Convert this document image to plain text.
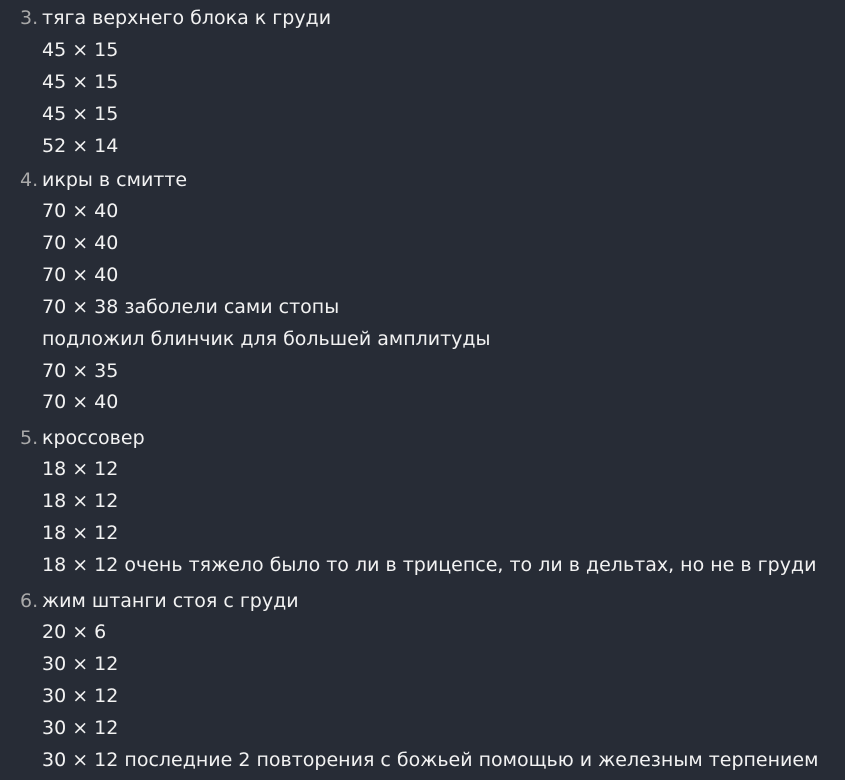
3. тяга верхнего блока к груди
45 × 15
45 × 15
45 × 15
52 × 14
4. икры в смитте
70 × 40
70 × 40
70 × 40
70 × 38 заболели сами стопы
подложил блинчик для большей амплитуды
70 × 35
70 × 40
5. кроссовер
18 × 12
18 × 12
18 × 12
18 × 12 очень тяжело было то ли в трицепсе, то ли в дельтах, но не в груди
6. жим штанги стоя с груди
20 × 6
30 × 12
30 × 12
30 × 12
30 × 12 последние 2 повторения с божьей помощью и железным терпением
